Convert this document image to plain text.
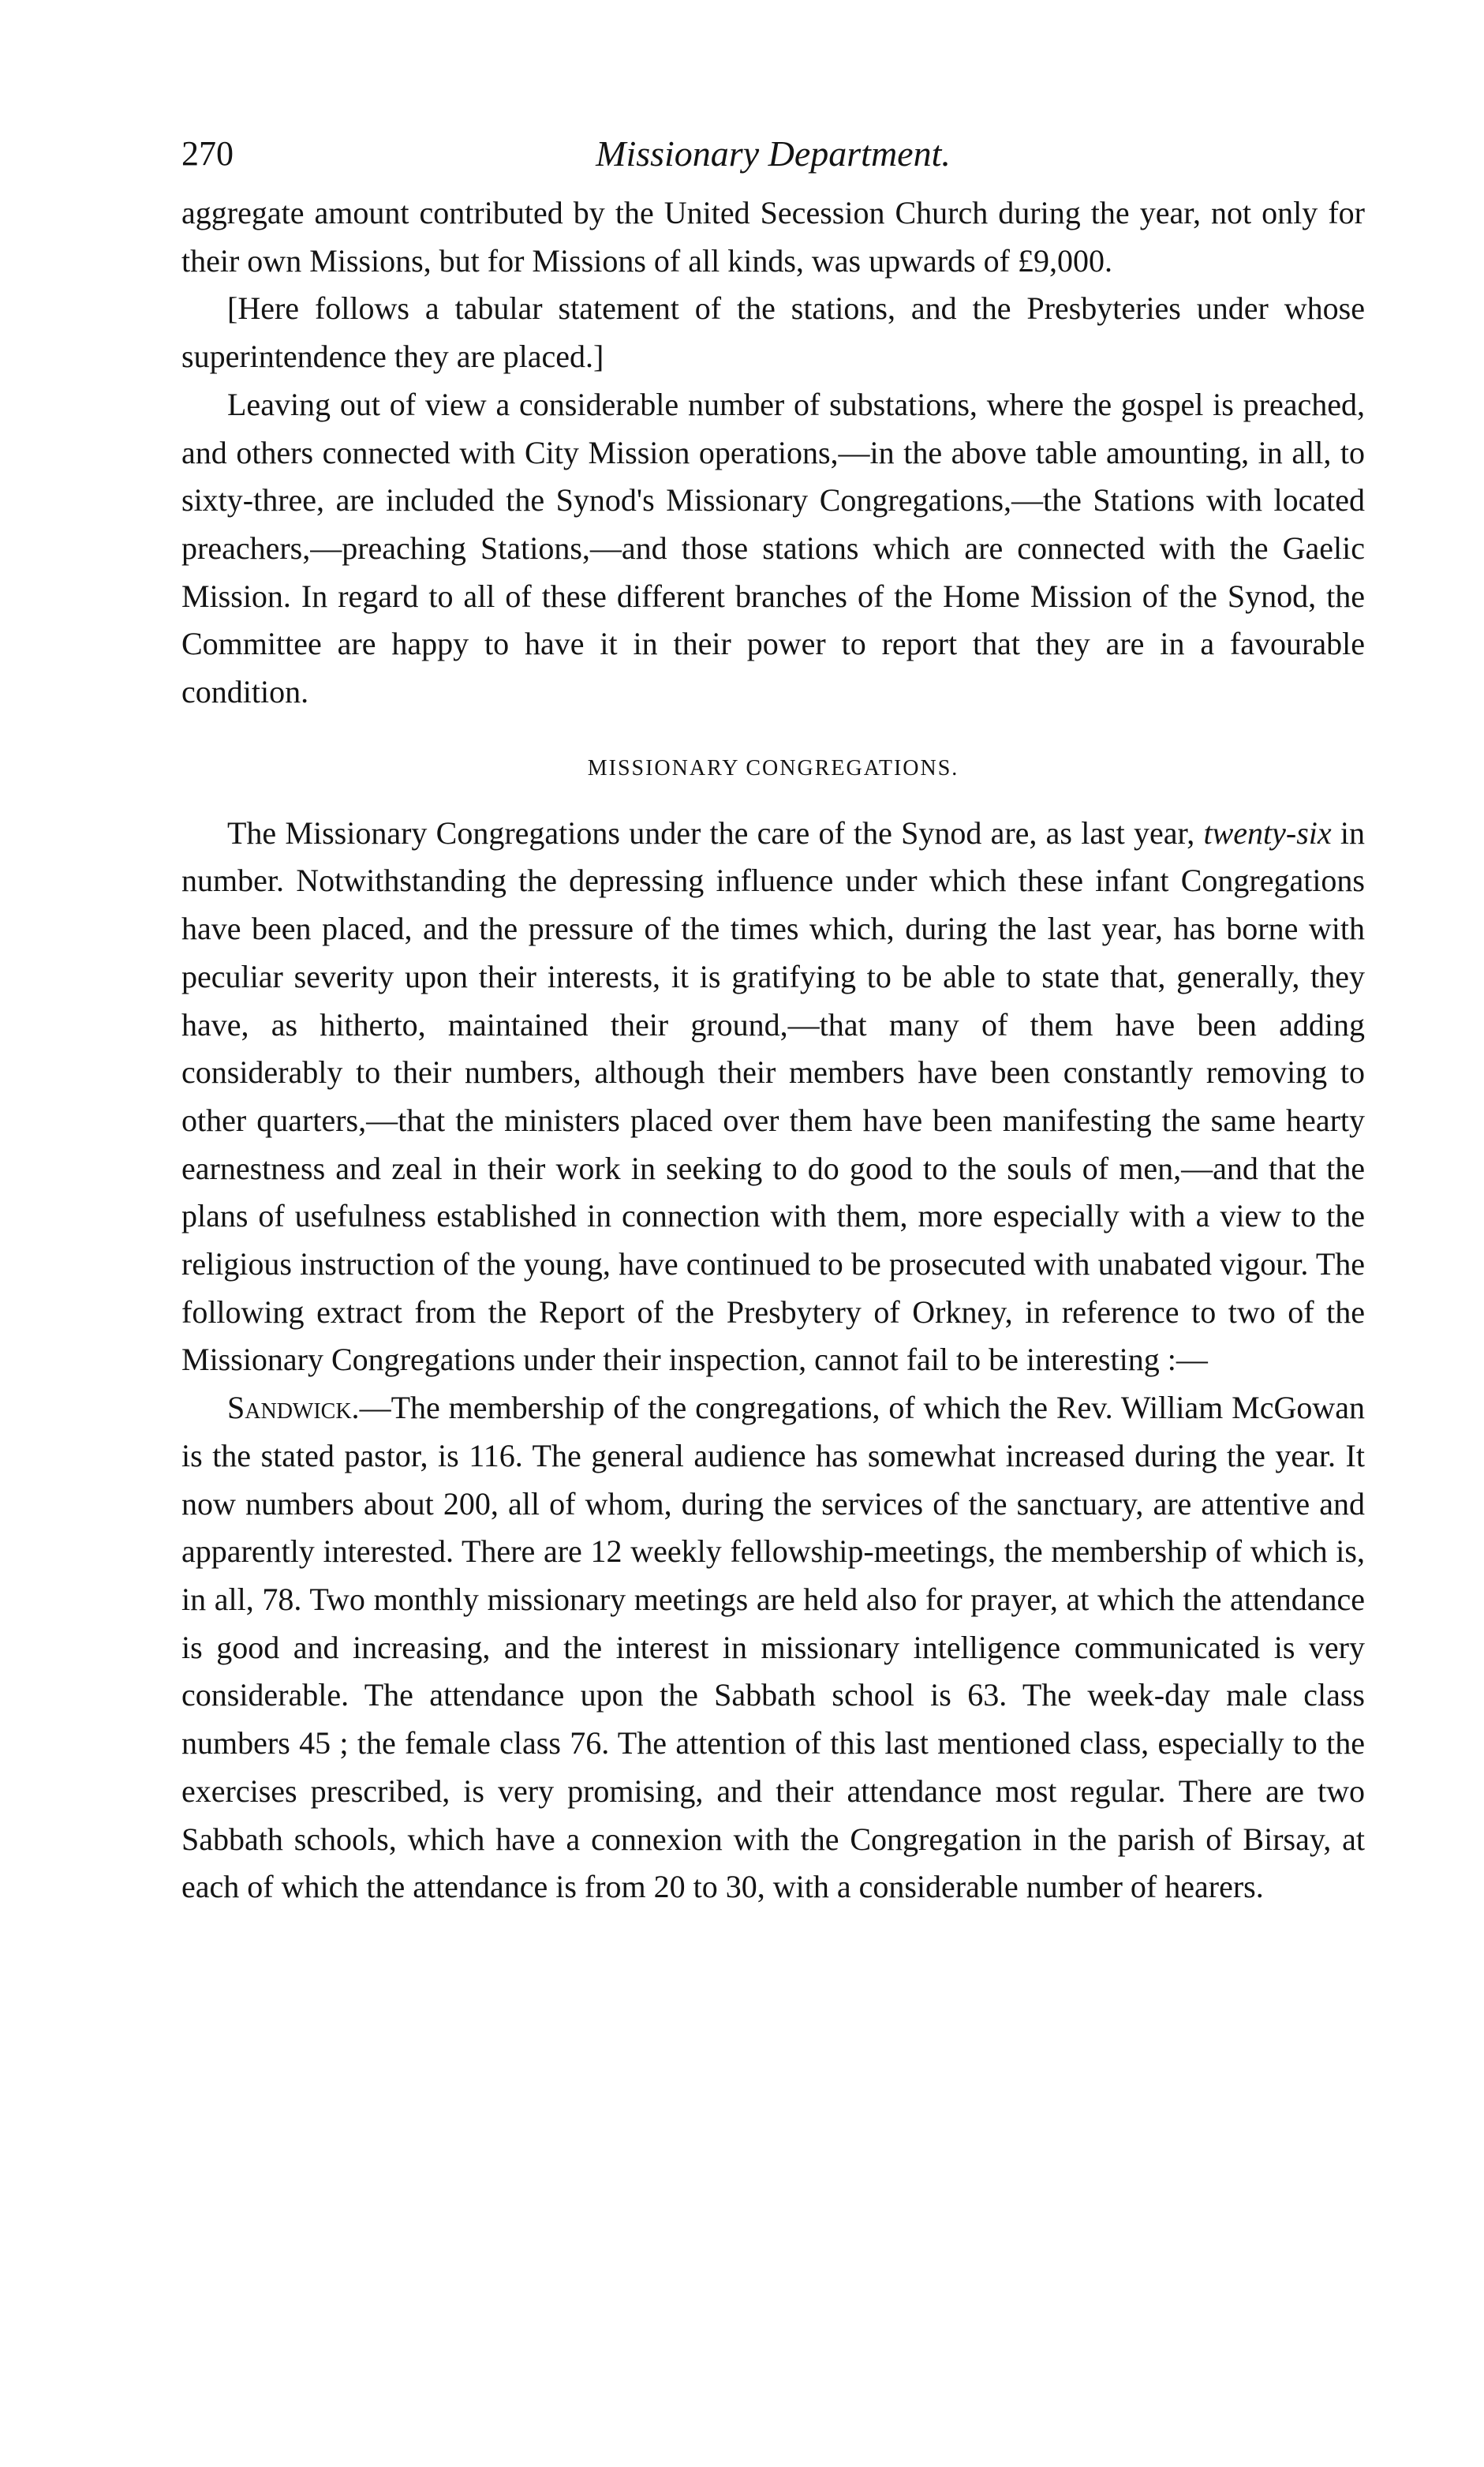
270	Missionary Department.

aggregate amount contributed by the United Secession Church during the year, not only for their own Missions, but for Missions of all kinds, was upwards of £9,000.

[Here follows a tabular statement of the stations, and the Presbyteries under whose superintendence they are placed.]

Leaving out of view a considerable number of substations, where the gospel is preached, and others connected with City Mission operations,—in the above table amounting, in all, to sixty-three, are included the Synod's Missionary Congregations,—the Stations with located preachers,—preaching Stations,—and those stations which are connected with the Gaelic Mission. In regard to all of these different branches of the Home Mission of the Synod, the Committee are happy to have it in their power to report that they are in a favourable condition.

MISSIONARY CONGREGATIONS.

The Missionary Congregations under the care of the Synod are, as last year, twenty-six in number. Notwithstanding the depressing influence under which these infant Congregations have been placed, and the pressure of the times which, during the last year, has borne with peculiar severity upon their interests, it is gratifying to be able to state that, generally, they have, as hitherto, maintained their ground,—that many of them have been adding considerably to their numbers, although their members have been constantly removing to other quarters,—that the ministers placed over them have been manifesting the same hearty earnestness and zeal in their work in seeking to do good to the souls of men,—and that the plans of usefulness established in connection with them, more especially with a view to the religious instruction of the young, have continued to be prosecuted with unabated vigour. The following extract from the Report of the Presbytery of Orkney, in reference to two of the Missionary Congregations under their inspection, cannot fail to be interesting :—

Sandwick.—The membership of the congregations, of which the Rev. William McGowan is the stated pastor, is 116. The general audience has somewhat increased during the year. It now numbers about 200, all of whom, during the services of the sanctuary, are attentive and apparently interested. There are 12 weekly fellowship-meetings, the membership of which is, in all, 78. Two monthly missionary meetings are held also for prayer, at which the attendance is good and increasing, and the interest in missionary intelligence communicated is very considerable. The attendance upon the Sabbath school is 63. The week-day male class numbers 45 ; the female class 76. The attention of this last mentioned class, especially to the exercises prescribed, is very promising, and their attendance most regular. There are two Sabbath schools, which have a connexion with the Congregation in the parish of Birsay, at each of which the attendance is from 20 to 30, with a considerable number of hearers.
